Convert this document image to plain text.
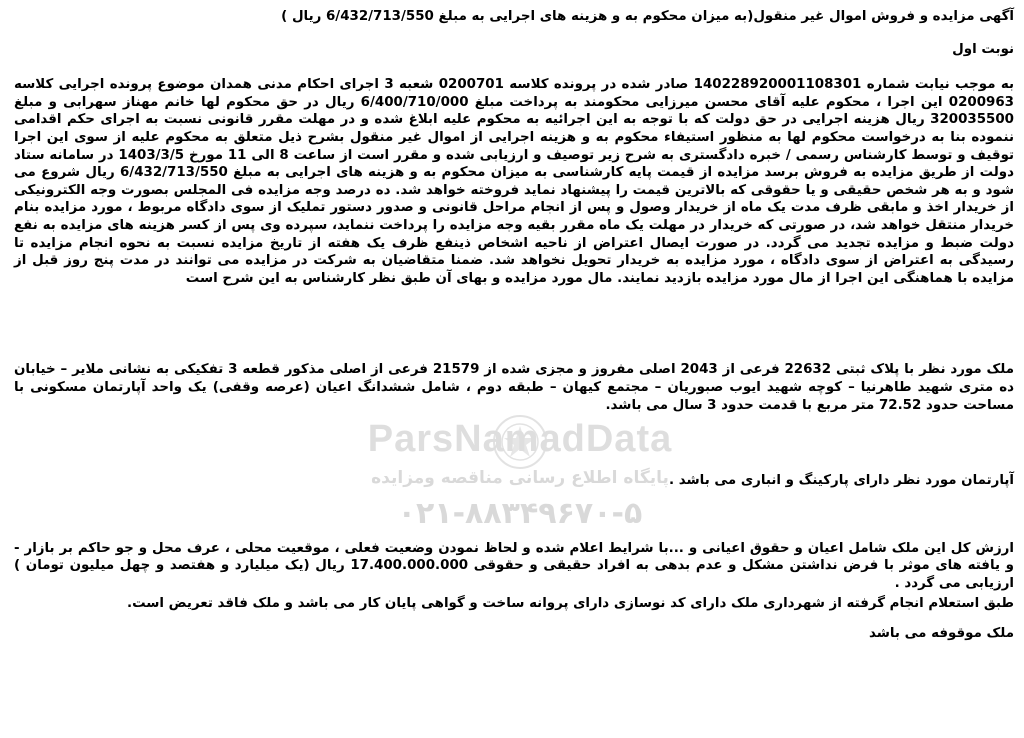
آگهی مزایده و فروش اموال غیر منقول(به میزان محکوم به و هزینه های اجرایی به مبلغ 6/432/713/550 ریال )

نوبت اول

به موجب نیابت شماره 140228920001108301 صادر شده در پرونده کلاسه 0200701 شعبه 3 اجرای احکام مدنی همدان موضوع پرونده اجرایی کلاسه 0200963 این اجرا ، محکوم علیه آقای محسن میرزایی محکومند به پرداخت مبلغ 6/400/710/000 ریال در حق محکوم لها خانم مهناز سهرابی و مبلغ 320035500 ریال هزینه اجرایی در حق دولت که با توجه به این اجرائیه به محکوم علیه ابلاغ شده و در مهلت مقرر قانونی نسبت به اجرای حکم اقدامی ننموده بنا به درخواست محکوم لها به منظور استیفاء محکوم به و هزینه اجرایی از اموال غیر منقول بشرح ذیل متعلق به محکوم علیه از سوی این اجرا توقیف و توسط کارشناس رسمی / خبره دادگستری به شرح زیر توصیف و ارزیابی شده و مقرر است از ساعت 8 الی 11 مورخ 1403/3/5 در سامانه ستاد دولت از طریق مزایده به فروش برسد مزایده از قیمت پایه کارشناسی به میزان محکوم به و هزینه های اجرایی به مبلغ 6/432/713/550 ریال شروع می شود و به هر شخص حقیقی و یا حقوقی که بالاترین قیمت را پیشنهاد نماید فروخته خواهد شد. ده درصد وجه مزایده فی المجلس بصورت وجه الکترونیکی از خریدار اخذ و مابقی ظرف مدت یک ماه از خریدار وصول و پس از انجام مراحل قانونی و صدور دستور تملیک از سوی دادگاه مربوط ، مورد مزایده بنام خریدار منتقل خواهد شد، در صورتی که خریدار در مهلت یک ماه مقرر بقیه وجه مزایده را پرداخت ننماید، سپرده وی پس از کسر هزینه های مزایده به نفع دولت ضبط و مزایده تجدید می گردد. در صورت ایصال اعتراض از ناحیه اشخاص ذینفع ظرف یک هفته از تاریخ مزایده نسبت به نحوه انجام مزایده تا رسیدگی به اعتراض از سوی دادگاه ، مورد مزایده به خریدار تحویل نخواهد شد. ضمنا متقاضیان به شرکت در مزایده می توانند در مدت پنج روز قبل از مزایده با هماهنگی این اجرا از مال مورد مزایده بازدید نمایند. مال مورد مزایده و بهای آن طبق نظر کارشناس به این شرح است

ملک مورد نظر با پلاک ثبتی 22632 فرعی از 2043 اصلی مفروز و مجزی شده از 21579 فرعی از اصلی مذکور قطعه 3 تفکیکی به نشانی ملایر – خیابان ده متری شهید طاهرنیا – کوچه شهید ایوب صبوریان – مجتمع کیهان – طبقه دوم ، شامل ششدانگ اعیان (عرصه وقفی) یک واحد آپارتمان مسکونی با مساحت حدود 72.52 متر مربع با قدمت حدود 3 سال می باشد.

آپارتمان مورد نظر دارای پارکینگ و انباری می باشد .

ارزش کل این ملک شامل اعیان و حقوق اعیانی و ...با شرایط اعلام شده و لحاظ نمودن وضعیت فعلی ، موقعیت محلی ، عرف محل و جو حاکم بر بازار - و یافته های موثر با فرض نداشتن مشکل و عدم بدهی به افراد حقیقی و حقوقی 17.400.000.000 ریال (یک میلیارد و هفتصد و چهل میلیون تومان ) ارزیابی می گردد .

طبق استعلام انجام گرفته از شهرداری ملک دارای کد نوسازی دارای پروانه ساخت و گواهی پایان کار می باشد و ملک فاقد تعریض است.

ملک موقوفه می باشد

ParsNamadData
پایگاه اطلاع رسانی مناقصه ومزایده
۰۲۱-۸۸۳۴۹۶۷۰-۵
